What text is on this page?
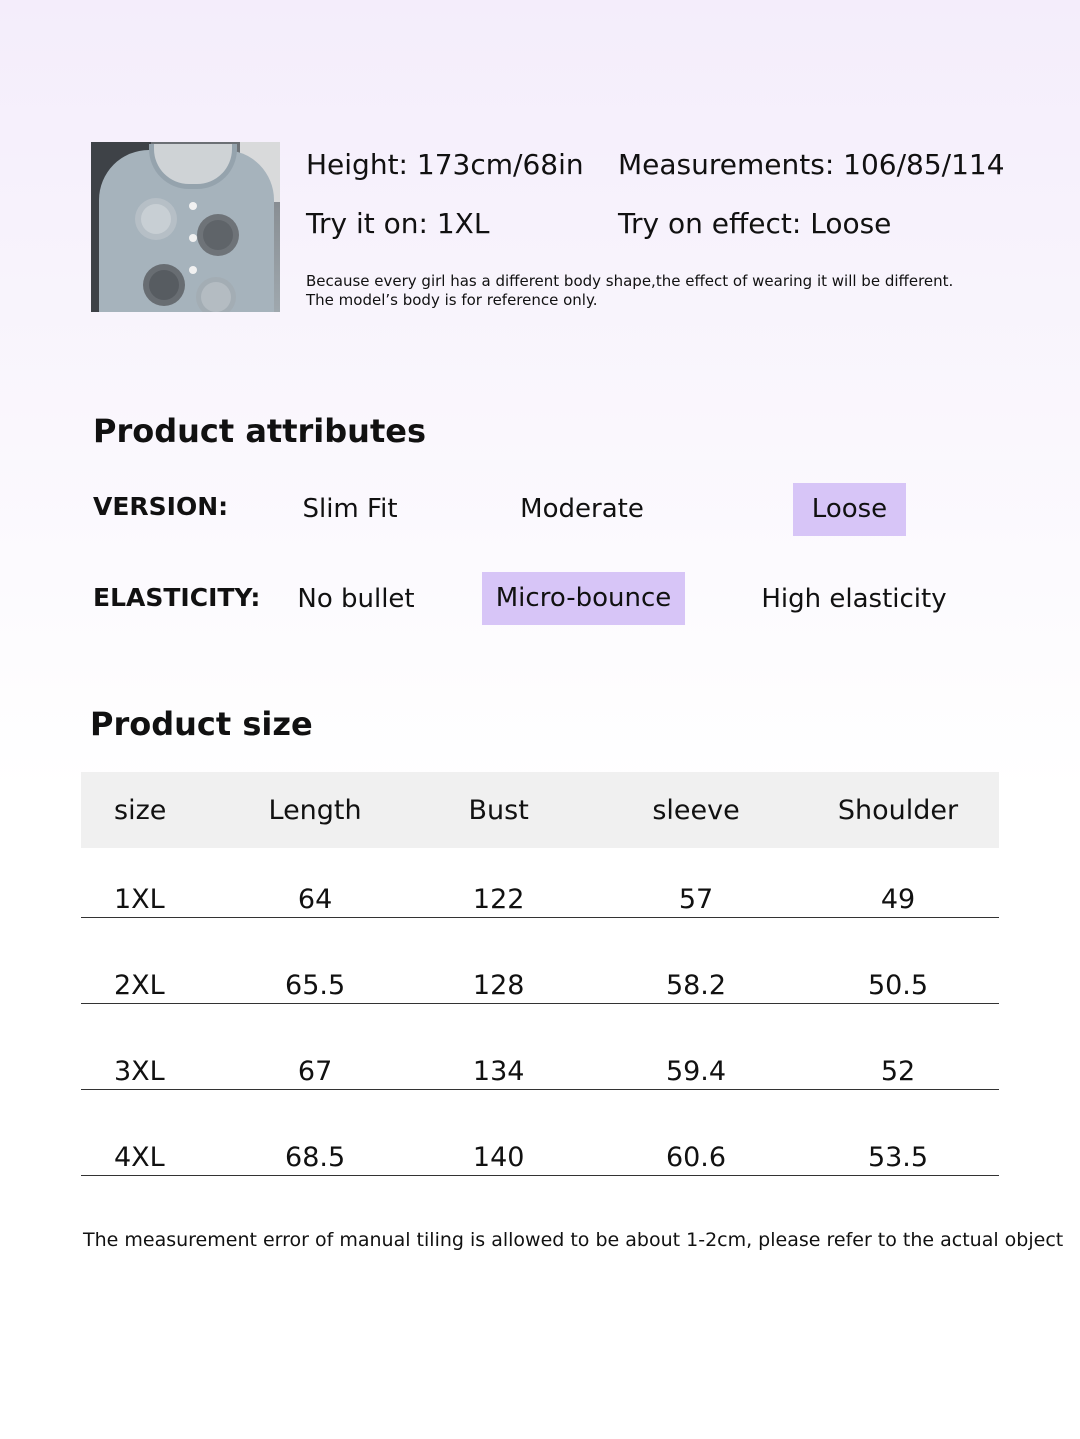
Height: 173cm/68in Measurements: 106/85/114
Try it on: 1XL	Try on effect: Loose
Because every girl has a different body shape,the effect of wearing it will be different.
The model’s body is for reference only.
Product attributes
VERSION:	Slim Fit	Moderate	Loose
ELASTICITY:	No bullet	Micro-bounce	High elasticity
Product size
size	Length	Bust	sleeve	Shoulder
1XL	64	122	57	49
2XL	65.5	128	58.2	50.5
3XL	67	134	59.4	52
4XL	68.5	140	60.6	53.5
The measurement error of manual tiling is allowed to be about 1-2cm, please refer to the actual object
